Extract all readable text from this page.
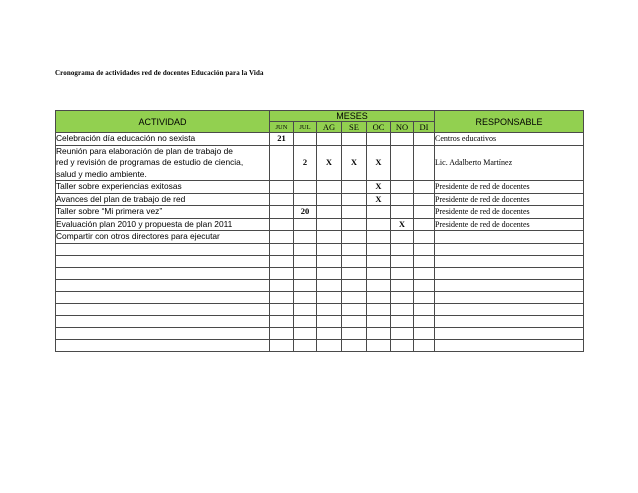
Cronograma de actividades red de docentes Educación para la Vida
ACTIVIDAD	MESES							RESPONSABLE
	JUN	JUL	AG	SE	OC	NO	DI	

Celebración día educación no sexista	21							Centros educativos

Reunión para elaboración de plan de trabajo de
red y revisión de programas de estudio de ciencia,
salud y medio ambiente.		2	X	X	X			Lic. Adalberto Martínez

Taller sobre experiencias exitosas					X			Presidente de red de docentes

Avances del plan de trabajo de red					X			Presidente de red de docentes

Taller sobre “Mi primera vez”		20						Presidente de red de docentes

Evaluación plan 2010 y propuesta de plan 2011						X		Presidente de red de docentes

Compartir con otros directores para ejecutar								
